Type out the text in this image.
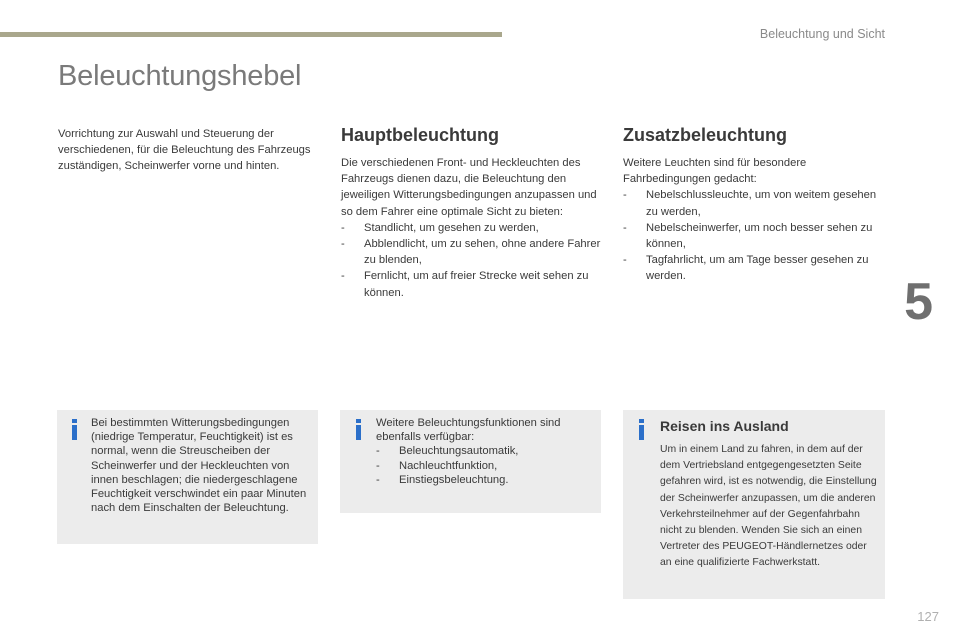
Beleuchtung und Sicht
Beleuchtungshebel
5

Vorrichtung zur Auswahl und Steuerung der verschiedenen, für die Beleuchtung des Fahrzeugs zuständigen, Scheinwerfer vorne und hinten.

Hauptbeleuchtung

Die verschiedenen Front- und Heckleuchten des Fahrzeugs dienen dazu, die Beleuchtung den jeweiligen Witterungsbedingungen anzupassen und so dem Fahrer eine optimale Sicht zu bieten:

- Standlicht, um gesehen zu werden,
- Abblendlicht, um zu sehen, ohne andere Fahrer zu blenden,
- Fernlicht, um auf freier Strecke weit sehen zu können.
Zusatzbeleuchtung

Weitere Leuchten sind für besondere Fahrbedingungen gedacht:

- Nebelschlussleuchte, um von weitem gesehen zu werden,
- Nebelscheinwerfer, um noch besser sehen zu können,
- Tagfahrlicht, um am Tage besser gesehen zu werden.

Bei bestimmten Witterungsbedingungen (niedrige Temperatur, Feuchtigkeit) ist es normal, wenn die Streuscheiben der Scheinwerfer und der Heckleuchten von innen beschlagen; die niedergeschlagene Feuchtigkeit verschwindet ein paar Minuten nach dem Einschalten der Beleuchtung.

Weitere Beleuchtungsfunktionen sind ebenfalls verfügbar:

- Beleuchtungsautomatik,
- Nachleuchtfunktion,
- Einstiegsbeleuchtung.
Reisen ins Ausland

Um in einem Land zu fahren, in dem auf der dem Vertriebsland entgegengesetzten Seite gefahren wird, ist es notwendig, die Einstellung der Scheinwerfer anzupassen, um die anderen Verkehrsteilnehmer auf der Gegenfahrbahn nicht zu blenden. Wenden Sie sich an einen Vertreter des PEUGEOT-Händlernetzes oder an eine qualifizierte Fachwerkstatt.

127
